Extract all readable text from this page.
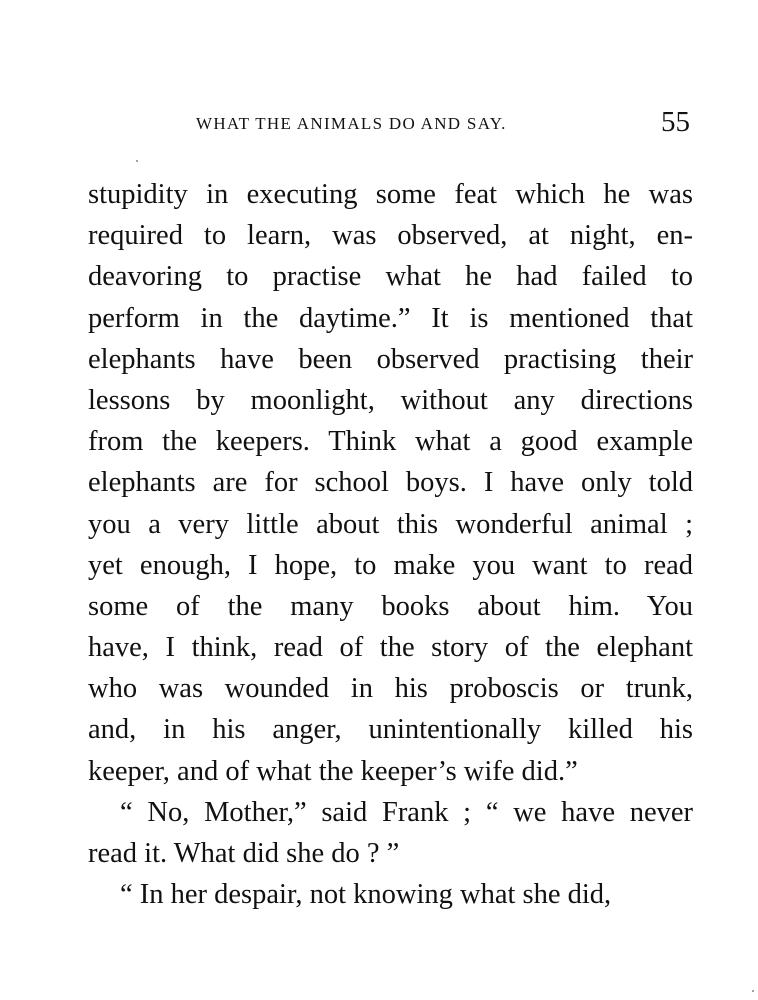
WHAT THE ANIMALS DO AND SAY.	55
stupidity in executing some feat which he was
required to learn, was observed, at night, en-
deavoring to practise what he had failed to
perform in the daytime.” It is mentioned that
elephants have been observed practising their
lessons by moonlight, without any directions
from the keepers. Think what a good example
elephants are for school boys. I have only told
you a very little about this wonderful animal ;
yet enough, I hope, to make you want to read
some of the many books about him. You
have, I think, read of the story of the elephant
who was wounded in his proboscis or trunk,
and, in his anger, unintentionally killed his
keeper, and of what the keeper’s wife did.”
“ No, Mother,” said Frank ; “ we have never
read it. What did she do ? ”
“ In her despair, not knowing what she did,
